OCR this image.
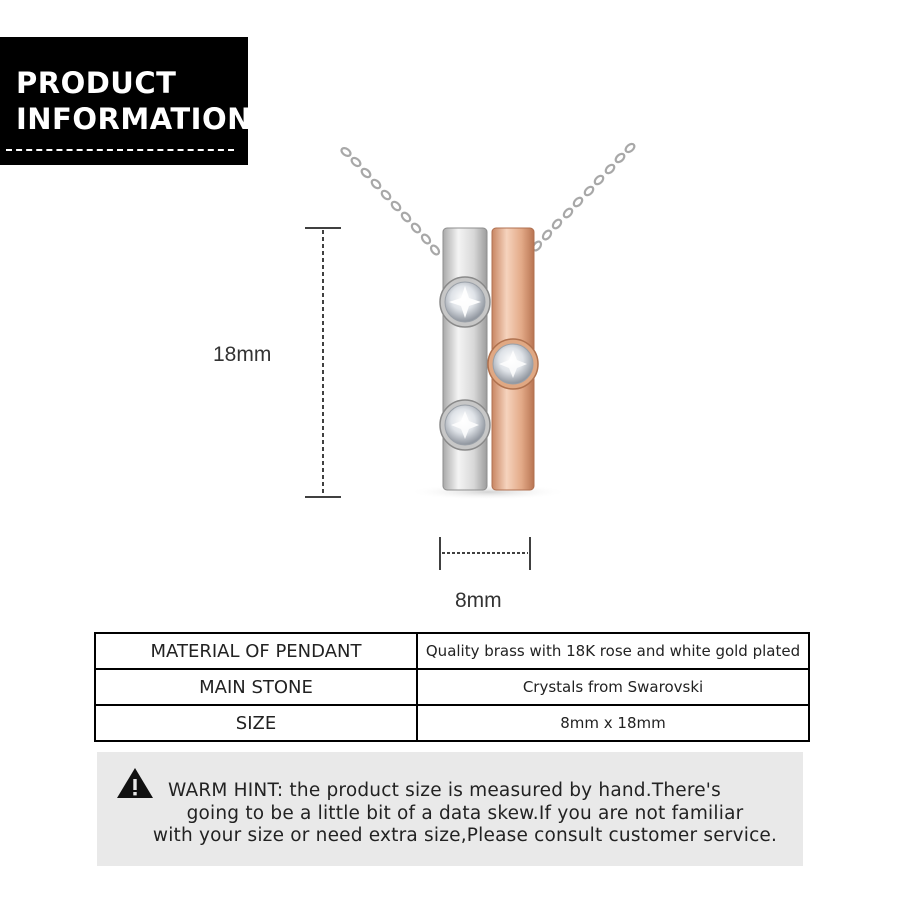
PRODUCT
INFORMATION
18mm
8mm
MATERIAL OF PENDANT	Quality brass with 18K rose and white gold plated
MAIN STONE	Crystals from Swarovski
SIZE	8mm x 18mm
WARM HINT: the product size is measured by hand.There's
going to be a little bit of a data skew.If you are not familiar
with your size or need extra size,Please consult customer service.
